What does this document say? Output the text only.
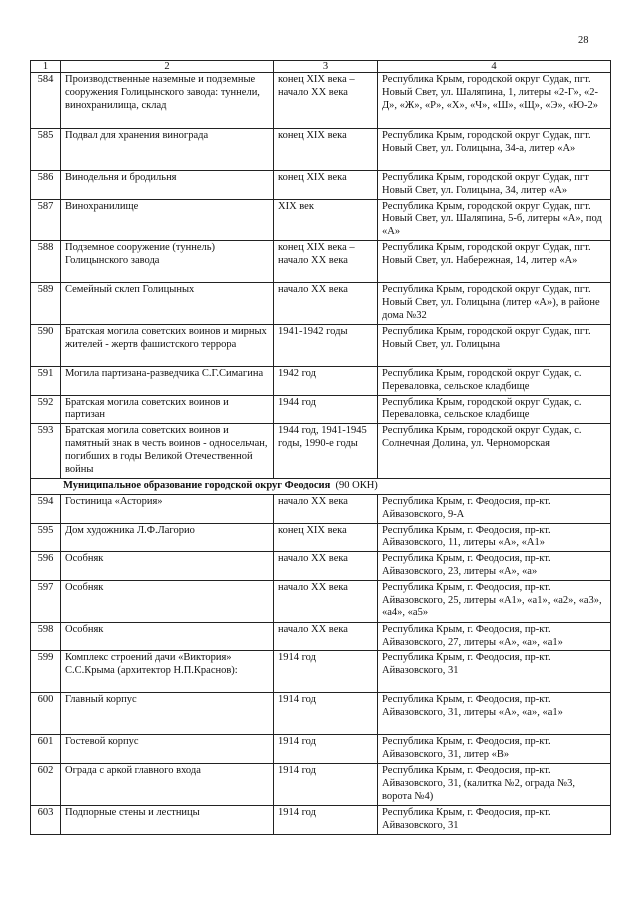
28
1	2	3	4
584	Производственные наземные и подземные сооружения Голицынского завода: туннели, винохранилища, склад	конец XIX века – начало XX века	Республика Крым, городской округ Судак, пгт. Новый Свет, ул. Шаляпина, 1, литеры «2-Г», «2-Д», «Ж», «Р», «Х», «Ч», «Ш», «Щ», «Э», «Ю-2»
585	Подвал для хранения винограда	конец XIX века	Республика Крым, городской округ Судак, пгт. Новый Свет, ул. Голицына, 34-а, литер «А»
586	Винодельня и бродильня	конец XIX века	Республика Крым, городской округ Судак, пгт Новый Свет, ул. Голицына, 34, литер «А»
587	Винохранилище	XIX век	Республика Крым, городской округ Судак, пгт. Новый Свет, ул. Шаляпина, 5-б, литеры «А», под «А»
588	Подземное сооружение (туннель) Голицынского завода	конец XIX века – начало XX века	Республика Крым, городской округ Судак, пгт. Новый Свет, ул. Набережная, 14, литер «А»
589	Семейный склеп Голицыных	начало XX века	Республика Крым, городской округ Судак, пгт. Новый Свет, ул. Голицына (литер «А»), в районе дома №32
590	Братская могила советских воинов и мирных жителей - жертв фашистского террора	1941-1942 годы	Республика Крым, городской округ Судак, пгт. Новый Свет, ул. Голицына
591	Могила партизана-разведчика С.Г.Симагина	1942 год	Республика Крым, городской округ Судак, с. Переваловка, сельское кладбище
592	Братская могила советских воинов и партизан	1944 год	Республика Крым, городской округ Судак, с. Переваловка, сельское кладбище
593	Братская могила советских воинов и памятный знак в честь воинов - односельчан, погибших в годы Великой Отечественной войны	1944 год, 1941-1945 годы, 1990-е годы	Республика Крым, городской округ Судак, с. Солнечная Долина, ул. Черноморская
Муниципальное образование городской округ Феодосия (90 ОКН)			
594	Гостиница «Астория»	начало XX века	Республика Крым, г. Феодосия, пр-кт. Айвазовского, 9-А
595	Дом художника Л.Ф.Лагорио	конец XIX века	Республика Крым, г. Феодосия, пр-кт. Айвазовского, 11, литеры «А», «А1»
596	Особняк	начало XX века	Республика Крым, г. Феодосия, пр-кт. Айвазовского, 23, литеры «А», «а»
597	Особняк	начало XX века	Республика Крым, г. Феодосия, пр-кт. Айвазовского, 25, литеры «А1», «а1», «а2», «а3», «а4», «а5»
598	Особняк	начало XX века	Республика Крым, г. Феодосия, пр-кт. Айвазовского, 27, литеры «А», «а», «а1»
599	Комплекс строений дачи «Виктория» С.С.Крыма (архитектор Н.П.Краснов):	1914 год	Республика Крым, г. Феодосия, пр-кт. Айвазовского, 31
600	Главный корпус	1914 год	Республика Крым, г. Феодосия, пр-кт. Айвазовского, 31, литеры «А», «а», «а1»
601	Гостевой корпус	1914 год	Республика Крым, г. Феодосия, пр-кт. Айвазовского, 31, литер «В»
602	Ограда с аркой главного входа	1914 год	Республика Крым, г. Феодосия, пр-кт. Айвазовского, 31, (калитка №2, ограда №3, ворота №4)
603	Подпорные стены и лестницы	1914 год	Республика Крым, г. Феодосия, пр-кт. Айвазовского, 31
